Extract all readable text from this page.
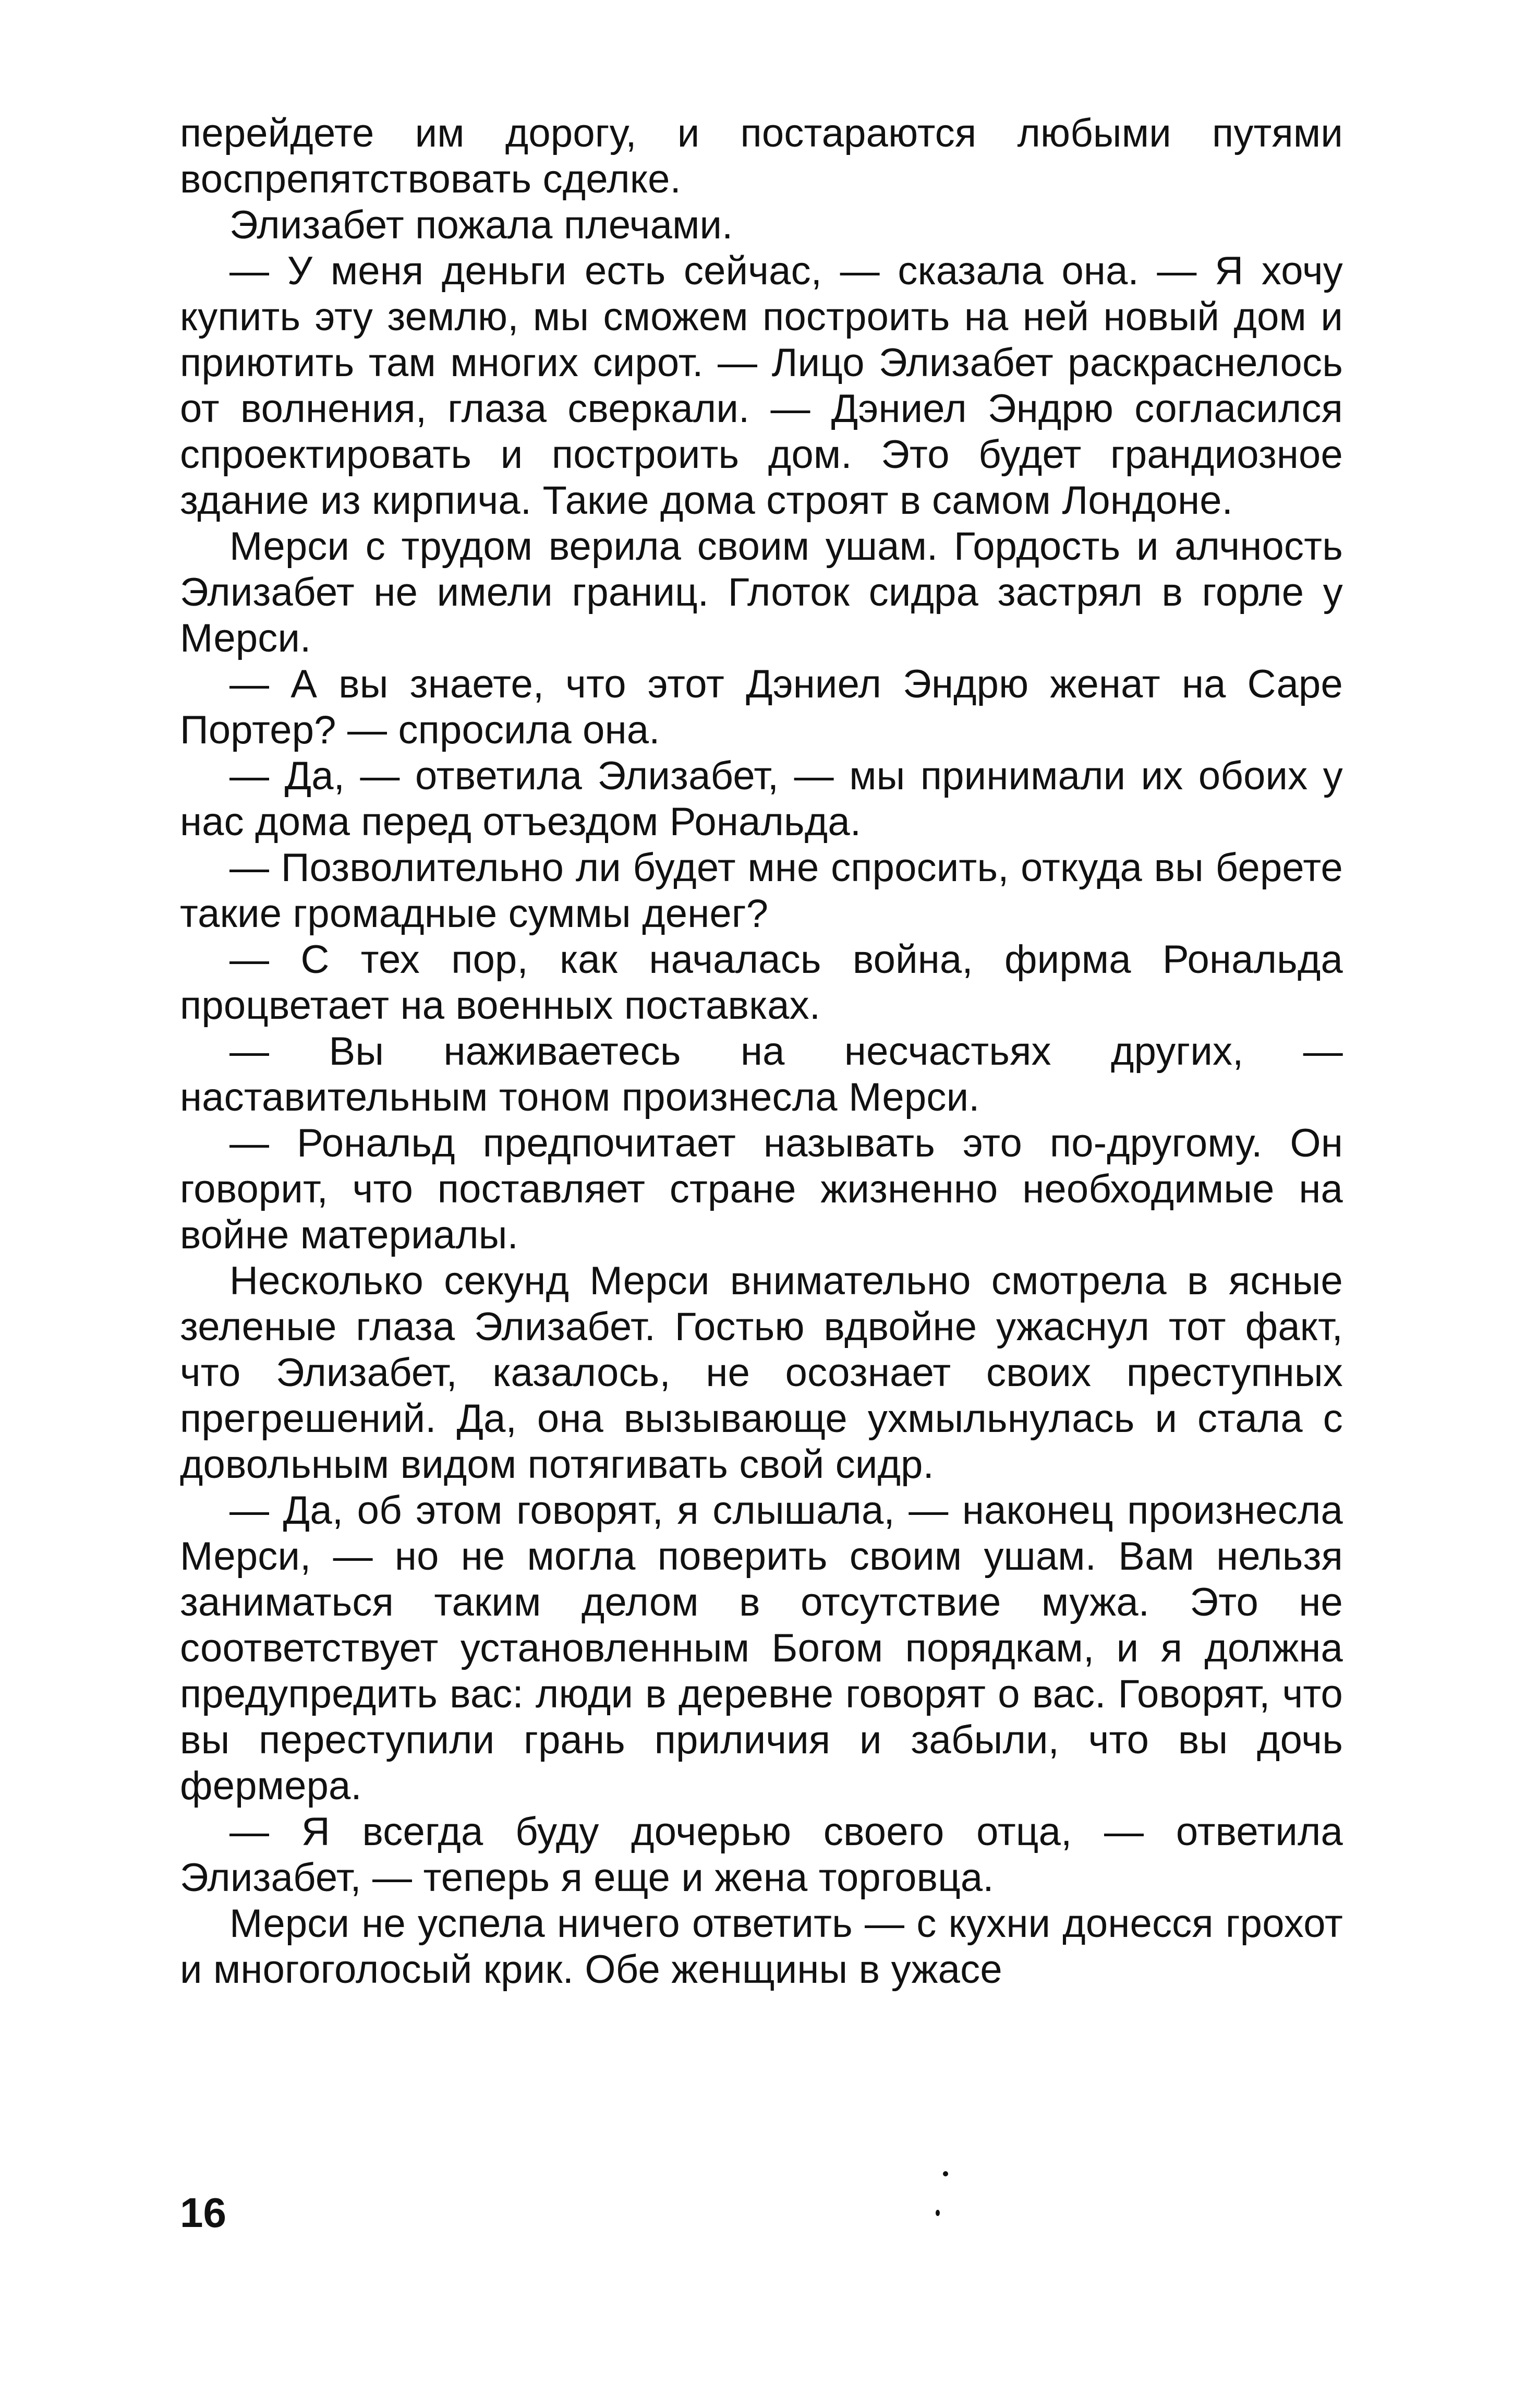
перейдете им дорогу, и постараются любыми путями воспрепятствовать сделке.

Элизабет пожала плечами.

— У меня деньги есть сейчас, — сказала она. — Я хочу купить эту землю, мы сможем построить на ней новый дом и приютить там многих сирот. — Лицо Элизабет раскраснелось от волнения, глаза сверкали. — Дэниел Эндрю согласился спроектировать и построить дом. Это будет грандиозное здание из кирпича. Такие дома строят в самом Лондоне.

Мерси с трудом верила своим ушам. Гордость и алчность Элизабет не имели границ. Глоток сидра застрял в горле у Мерси.

— А вы знаете, что этот Дэниел Эндрю женат на Саре Портер? — спросила она.

— Да, — ответила Элизабет, — мы принимали их обоих у нас дома перед отъездом Рональда.

— Позволительно ли будет мне спросить, откуда вы берете такие громадные суммы денег?

— С тех пор, как началась война, фирма Рональда процветает на военных поставках.

— Вы наживаетесь на несчастьях других, — наставительным тоном произнесла Мерси.

— Рональд предпочитает называть это по-другому. Он говорит, что поставляет стране жизненно необходимые на войне материалы.

Несколько секунд Мерси внимательно смотрела в ясные зеленые глаза Элизабет. Гостью вдвойне ужаснул тот факт, что Элизабет, казалось, не осознает своих преступных прегрешений. Да, она вызывающе ухмыльнулась и стала с довольным видом потягивать свой сидр.

— Да, об этом говорят, я слышала, — наконец произнесла Мерси, — но не могла поверить своим ушам. Вам нельзя заниматься таким делом в отсутствие мужа. Это не соответствует установленным Богом порядкам, и я должна предупредить вас: люди в деревне говорят о вас. Говорят, что вы переступили грань приличия и забыли, что вы дочь фермера.

— Я всегда буду дочерью своего отца, — ответила Элизабет, — теперь я еще и жена торговца.

Мерси не успела ничего ответить — с кухни донесся грохот и многоголосый крик. Обе женщины в ужасе

16
